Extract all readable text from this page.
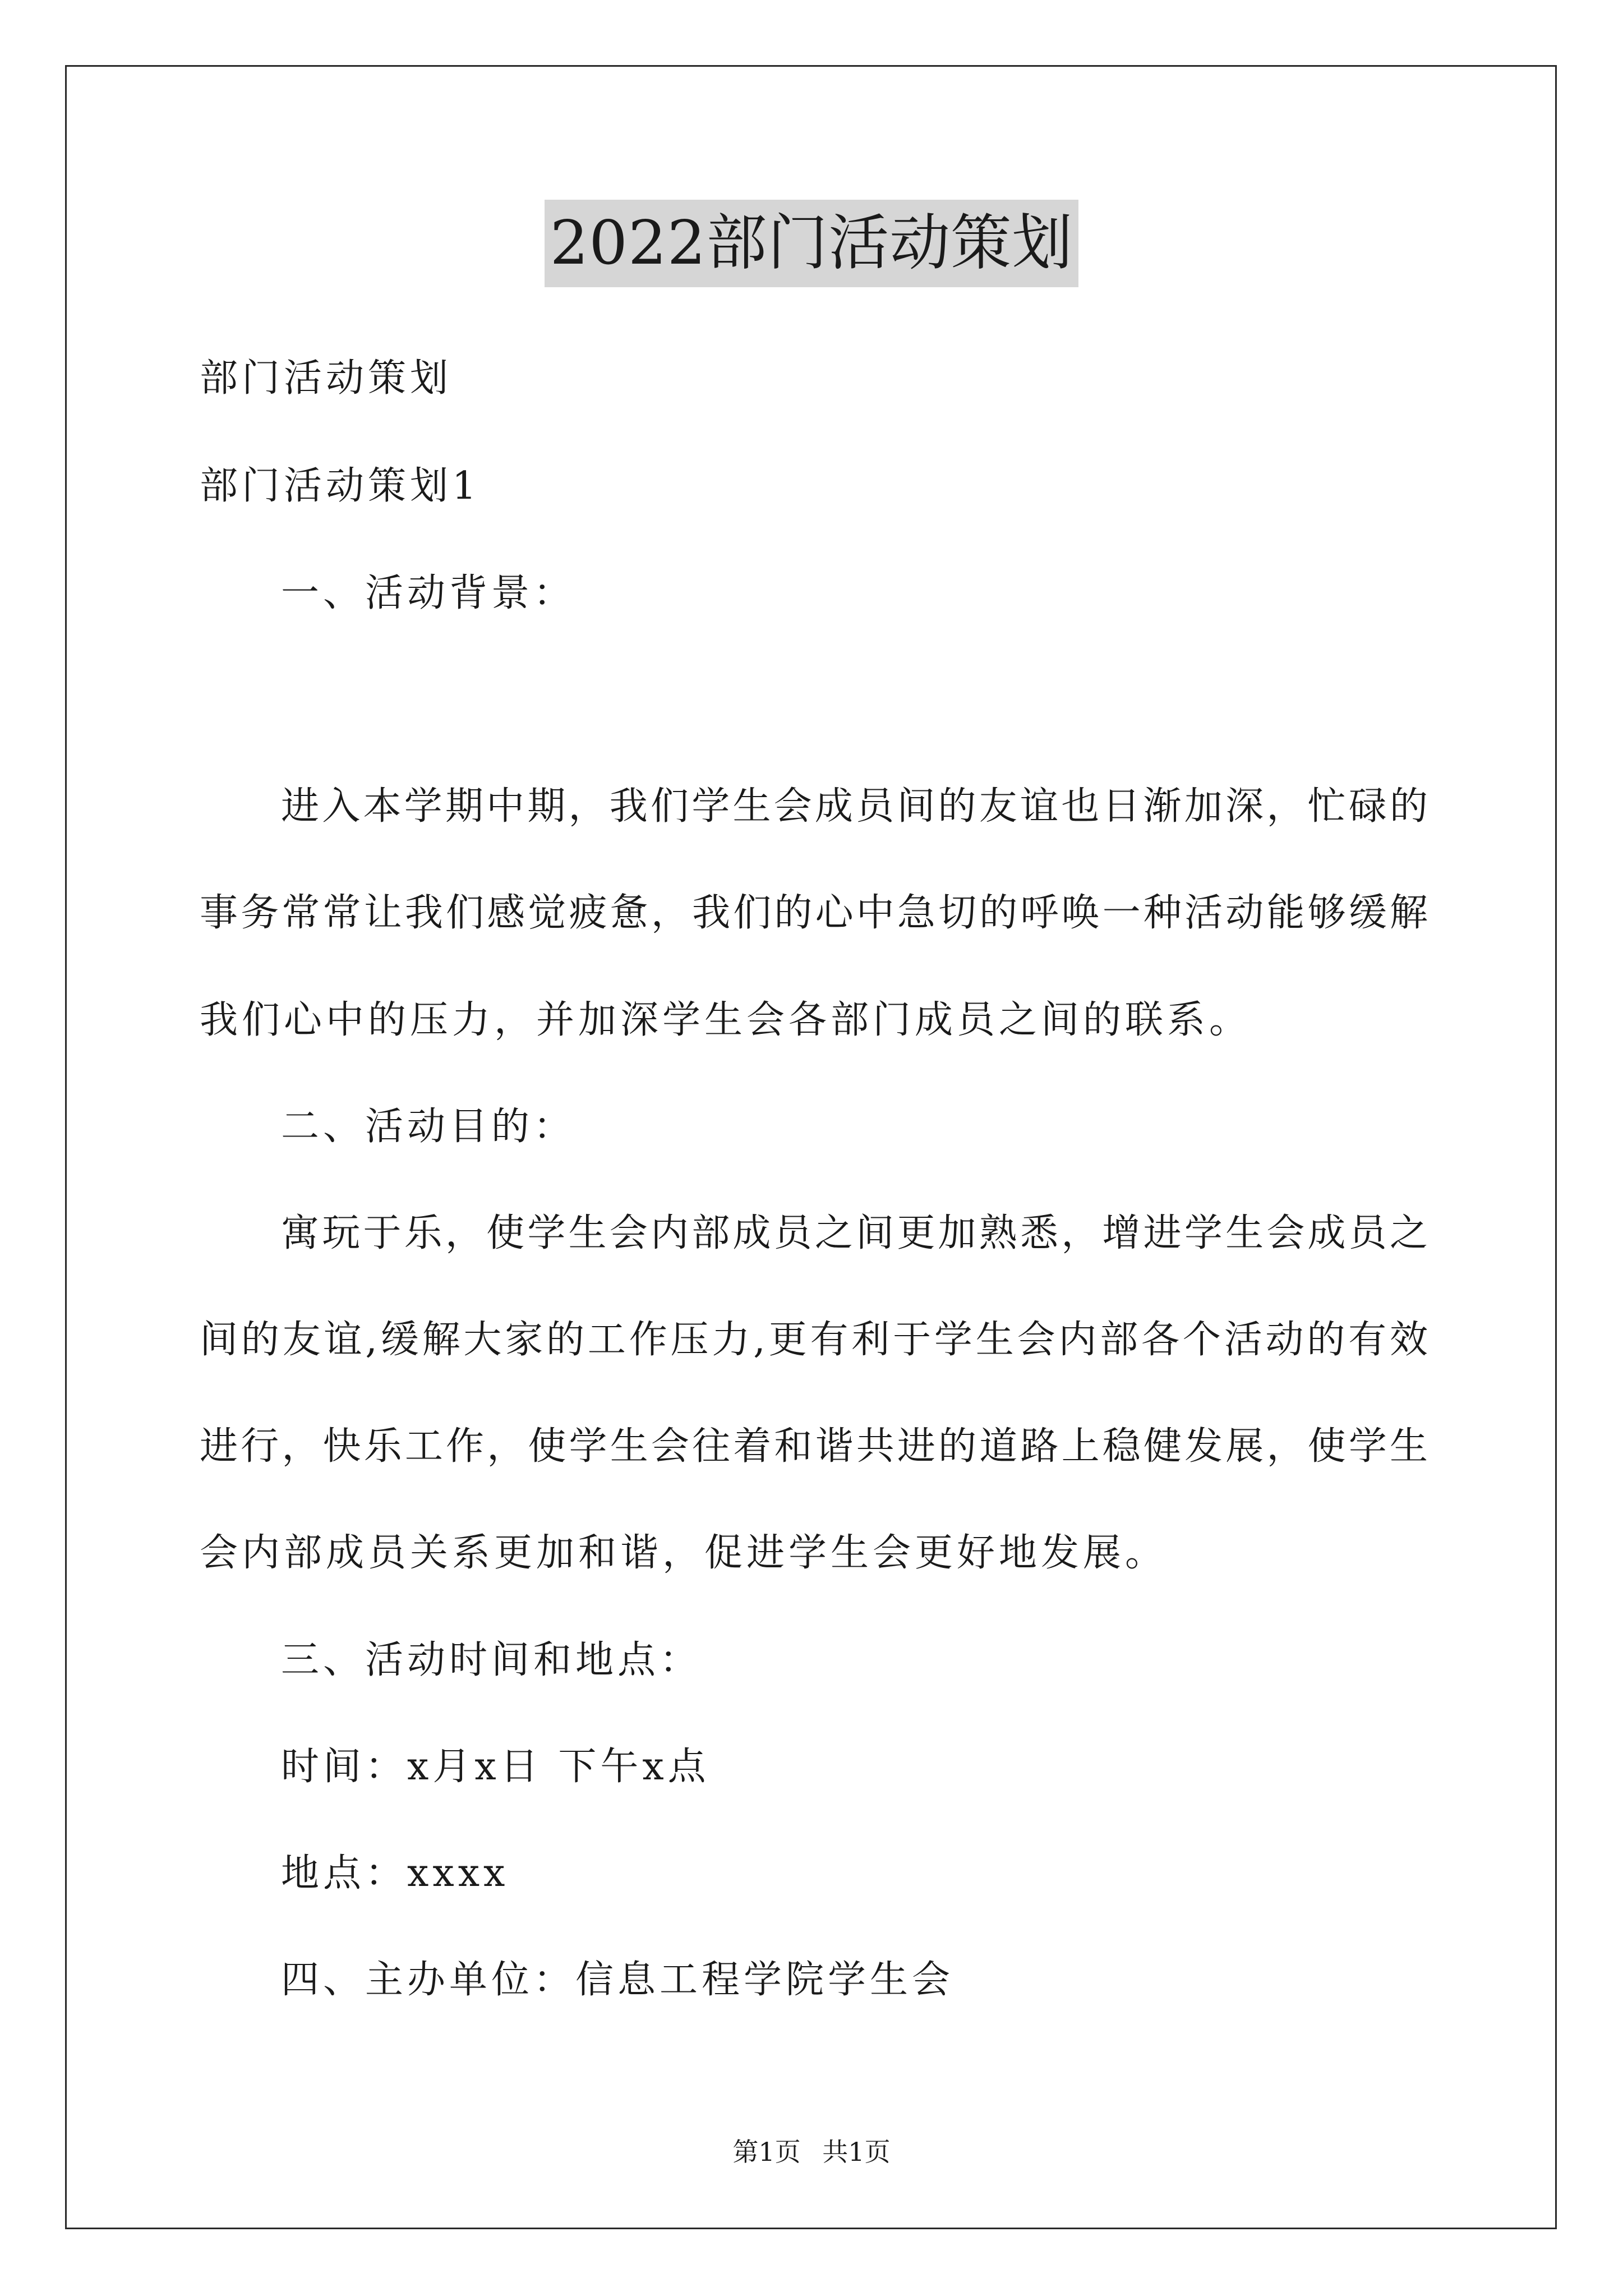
2022部门活动策划
部门活动策划
部门活动策划1
一、活动背景：
进入本学期中期，我们学生会成员间的友谊也日渐加深，忙碌的
事务常常让我们感觉疲惫，我们的心中急切的呼唤一种活动能够缓解
我们心中的压力，并加深学生会各部门成员之间的联系。
二、活动目的：
寓玩于乐，使学生会内部成员之间更加熟悉，增进学生会成员之
间的友谊,缓解大家的工作压力,更有利于学生会内部各个活动的有效
进行，快乐工作，使学生会往着和谐共进的道路上稳健发展，使学生
会内部成员关系更加和谐，促进学生会更好地发展。
三、活动时间和地点：
时间：x月x日 下午x点
地点：xxxx
四、主办单位：信息工程学院学生会
第1页 共1页
